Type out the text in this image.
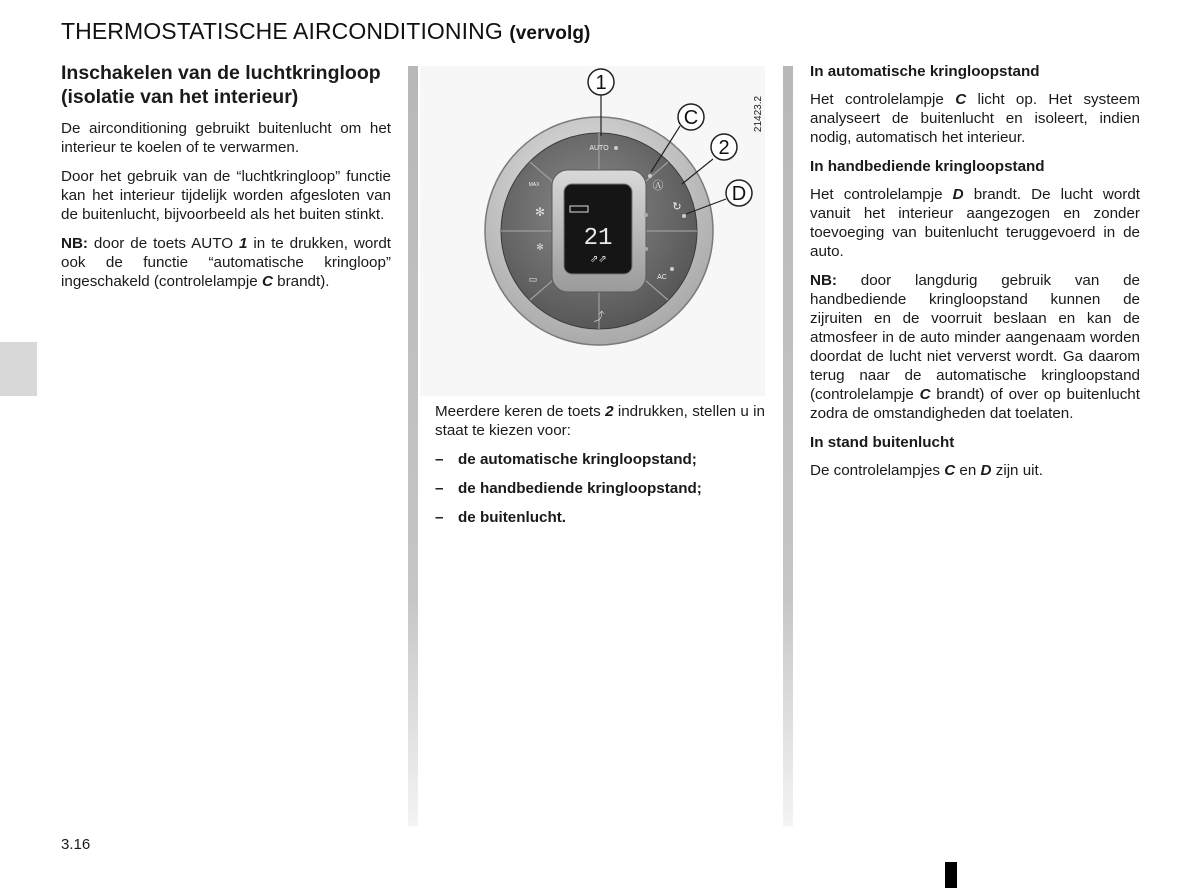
THERMOSTATISCHE AIRCONDITIONING (vervolg)
Inschakelen van de luchtkringloop (isolatie van het interieur)

De airconditioning gebruikt buitenlucht om het interieur te koelen of te verwarmen.

Door het gebruik van de “luchtkringloop” functie kan het interieur tijdelijk worden afgesloten van de buitenlucht, bijvoorbeeld als het buiten stinkt.

NB: door de toets AUTO 1 in te drukken, wordt ook de functie “automatische kringloop” ingeschakeld (controlelampje C brandt).

21
⇗⇗
AUTO
AC
MAX
▭
✻
✻
⤴
Ⓐ
↻
1
C
2
D
21423.2

Meerdere keren de toets 2 indrukken, stellen u in staat te kiezen voor:

– de automatische kringloopstand;

– de handbediende kringloopstand;

– de buitenlucht.

In automatische kringloopstand

Het controlelampje C licht op. Het systeem analyseert de buitenlucht en isoleert, indien nodig, automatisch het interieur.

In handbediende kringloopstand

Het controlelampje D brandt. De lucht wordt vanuit het interieur aangezogen en zonder toevoeging van buitenlucht teruggevoerd in de auto.

NB: door langdurig gebruik van de handbediende kringloopstand kunnen de zijruiten en de voorruit beslaan en kan de atmosfeer in de auto minder aangenaam worden doordat de lucht niet ververst wordt. Ga daarom terug naar de automatische kringloopstand (controlelampje C brandt) of over op buitenlucht zodra de omstandigheden dat toelaten.

In stand buitenlucht

De controlelampjes C en D zijn uit.

3.16
